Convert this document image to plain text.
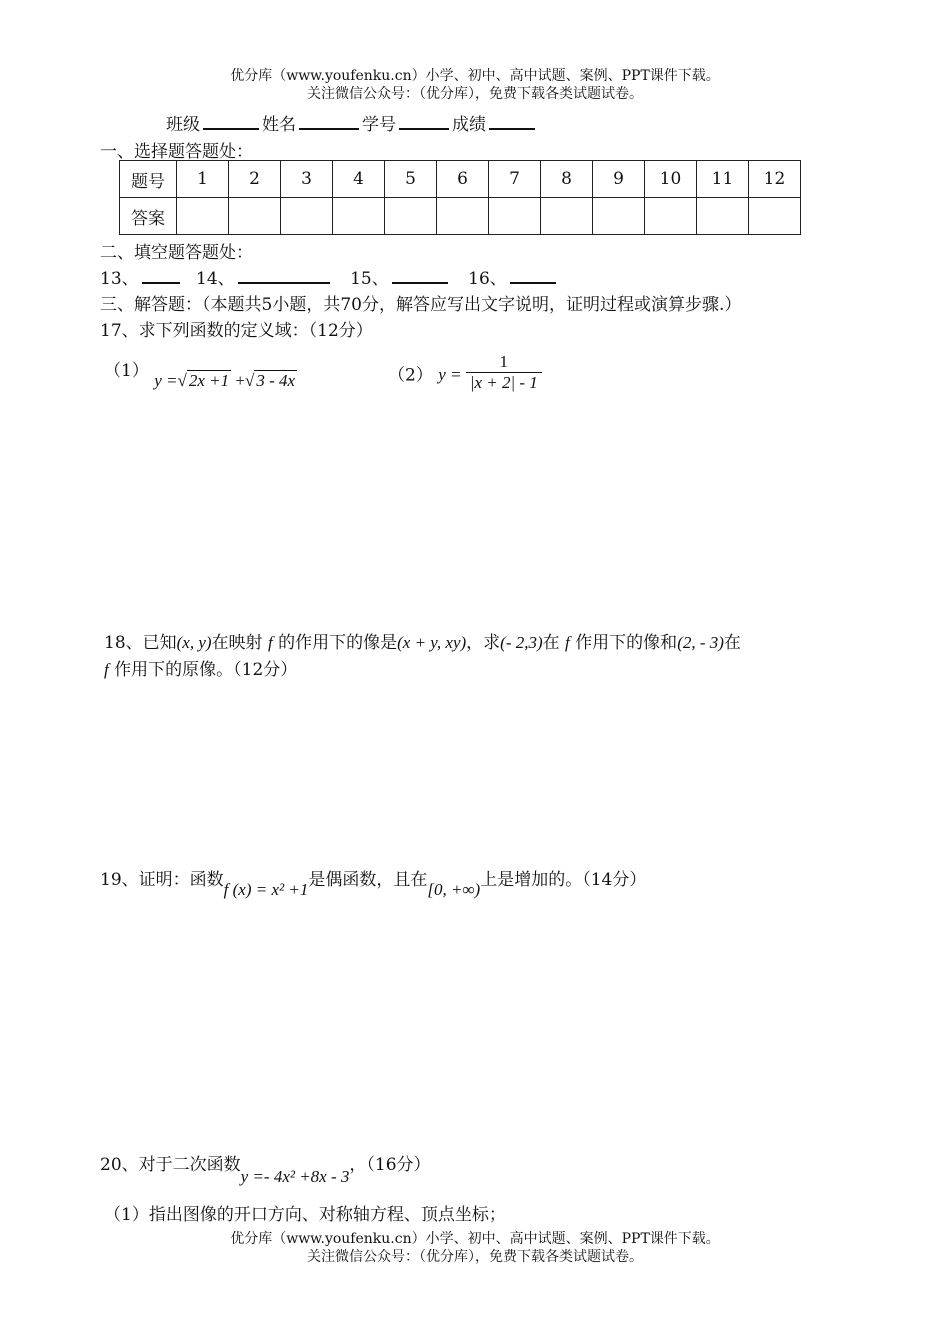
优分库（www.youfenku.cn）小学、初中、高中试题、案例、PPT课件下载。
关注微信公众号：（优分库），免费下载各类试题试卷。
班级	姓名	学号	成绩
一、选择题答题处：
题号	1	2	3	4	5	6	7	8	9	10	11	12
答案												
二、填空题答题处：
13、	14、	15、	16、
三、解答题：（本题共5小题，共70分，解答应写出文字说明，证明过程或演算步骤.）
17、求下列函数的定义域：（12分）
（1） y =√ 2x +1 +√ 3 - 4x	（2） $y = \frac{1}{|x + 2| - 1}$
18、已知(x, y)在映射 f 的作用下的像是(x + y, xy)，求(- 2,3)在 f 作用下的像和(2, - 3)在
f 作用下的原像。（12分）
19、证明：函数f (x) = x² +1是偶函数，且在[0, +∞)上是增加的。（14分）
20、对于二次函数y =- 4x² +8x - 3，（16分）
（1）指出图像的开口方向、对称轴方程、顶点坐标；
优分库（www.youfenku.cn）小学、初中、高中试题、案例、PPT课件下载。
关注微信公众号：（优分库），免费下载各类试题试卷。
